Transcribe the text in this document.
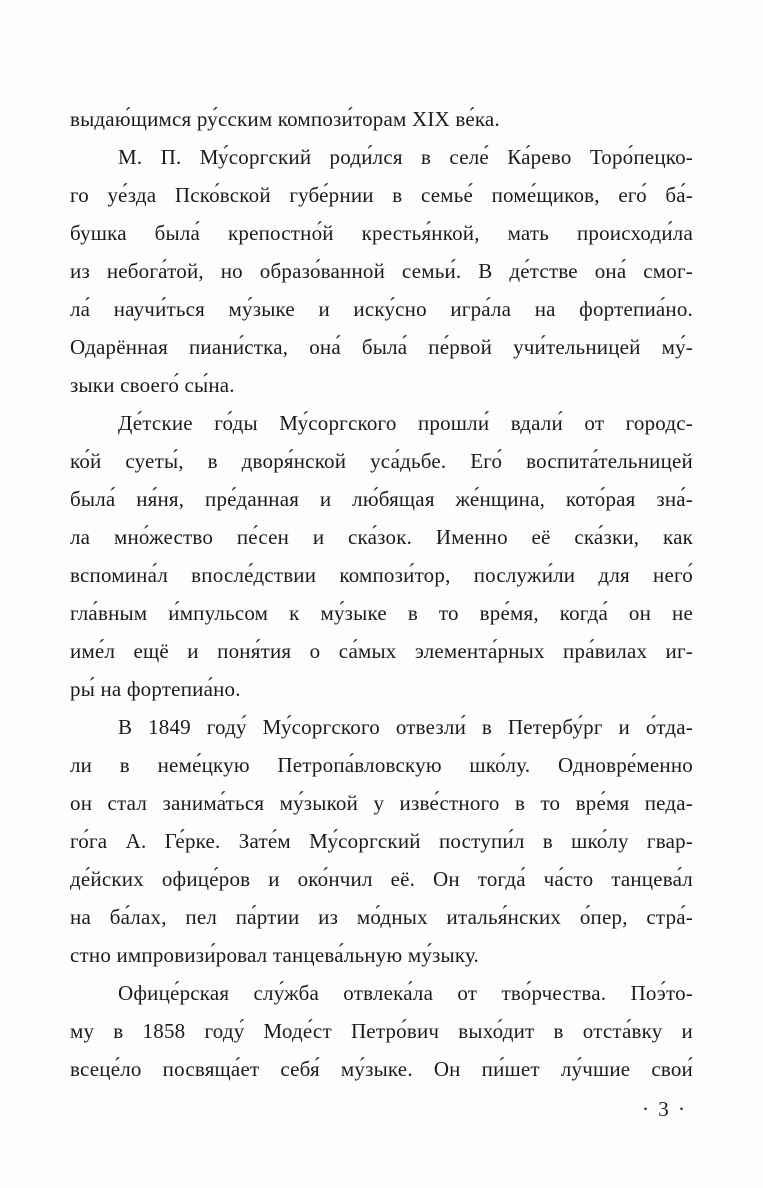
выдаю́щимся ру́сским компози́торам XIX ве́ка.
М. П. Му́соргский роди́лся в селе́ Ка́рево Торо́пецко-
го уе́зда Пско́вской губе́рнии в семье́ поме́щиков, его́ ба́-
бушка была́ крепостно́й крестья́нкой, мать происходи́ла
из небога́той, но образо́ванной семьи́. В де́тстве она́ смог-
ла́ научи́ться му́зыке и иску́сно игра́ла на фортепиа́но.
Одарённая пиани́стка, она́ была́ пе́рвой учи́тельницей му́-
зыки своего́ сы́на.
Де́тские го́ды Му́соргского прошли́ вдали́ от городс-
ко́й суеты́, в дворя́нской уса́дьбе. Его́ воспита́тельницей
была́ ня́ня, пре́данная и лю́бящая же́нщина, кото́рая зна́-
ла мно́жество пе́сен и ска́зок. Именно её ска́зки, как
вспомина́л впосле́дствии компози́тор, послужи́ли для него́
гла́вным и́мпульсом к му́зыке в то вре́мя, когда́ он не
име́л ещё и поня́тия о са́мых элемента́рных пра́вилах иг-
ры́ на фортепиа́но.
В 1849 году́ Му́соргского отвезли́ в Петербу́рг и о́тда-
ли в неме́цкую Петропа́вловскую шко́лу. Одновре́менно
он стал занима́ться му́зыкой у изве́стного в то вре́мя педа-
го́га А. Ге́рке. Зате́м Му́соргский поступи́л в шко́лу гвар-
де́йских офице́ров и око́нчил её. Он тогда́ ча́сто танцева́л
на ба́лах, пел па́ртии из мо́дных италья́нских о́пер, стра́-
стно импровизи́ровал танцева́льную му́зыку.
Офице́рская слу́жба отвлека́ла от тво́рчества. Поэ́то-
му в 1858 году́ Моде́ст Петро́вич выхо́дит в отста́вку и
всеце́ло посвяща́ет себя́ му́зыке. Он пи́шет лу́чшие свои́
· 3 ·
